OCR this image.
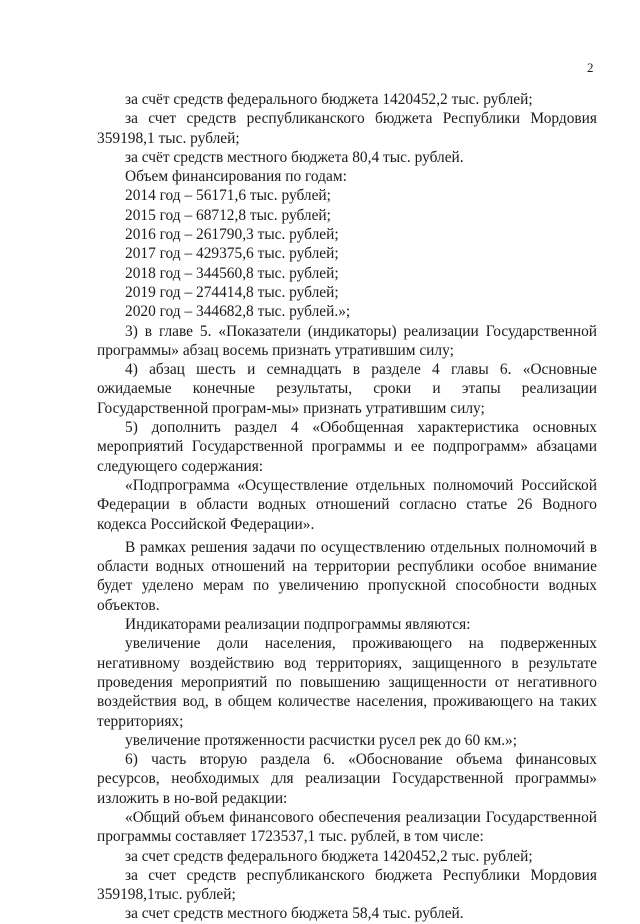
2

за счёт средств федерального бюджета 1420452,2 тыс. рублей;

за счет средств республиканского бюджета Республики Мордовия 359198,1 тыс. рублей;

за счёт средств местного бюджета 80,4 тыс. рублей.

Объем финансирования по годам:

2014 год – 56171,6 тыс. рублей;

2015 год – 68712,8 тыс. рублей;

2016 год – 261790,3 тыс. рублей;

2017 год – 429375,6 тыс. рублей;

2018 год – 344560,8 тыс. рублей;

2019 год – 274414,8 тыс. рублей;

2020 год – 344682,8 тыс. рублей.»;

3) в главе 5. «Показатели (индикаторы) реализации Государственной программы» абзац восемь признать утратившим силу;

4) абзац шесть и семнадцать в разделе 4 главы 6. «Основные ожидаемые конечные результаты, сроки и этапы реализации Государственной програм-мы» признать утратившим силу;

5) дополнить раздел 4 «Обобщенная характеристика основных мероприятий Государственной программы и ее подпрограмм» абзацами следующего содержания:

«Подпрограмма «Осуществление отдельных полномочий Российской Федерации в области водных отношений согласно статье 26 Водного кодекса Российской Федерации».

В рамках решения задачи по осуществлению отдельных полномочий в области водных отношений на территории республики особое внимание будет уделено мерам по увеличению пропускной способности водных объектов.

Индикаторами реализации подпрограммы являются:

увеличение доли населения, проживающего на подверженных негативному воздействию вод территориях, защищенного в результате проведения мероприятий по повышению защищенности от негативного воздействия вод, в общем количестве населения, проживающего на таких территориях;

увеличение протяженности расчистки русел рек до 60 км.»;

6) часть вторую раздела 6. «Обоснование объема финансовых ресурсов, необходимых для реализации Государственной программы» изложить в но-вой редакции:

«Общий объем финансового обеспечения реализации Государственной программы составляет 1723537,1 тыс. рублей, в том числе:

за счет средств федерального бюджета 1420452,2 тыс. рублей;

за счет средств республиканского бюджета Республики Мордовия 359198,1тыс. рублей;

за счет средств местного бюджета 58,4 тыс. рублей.
